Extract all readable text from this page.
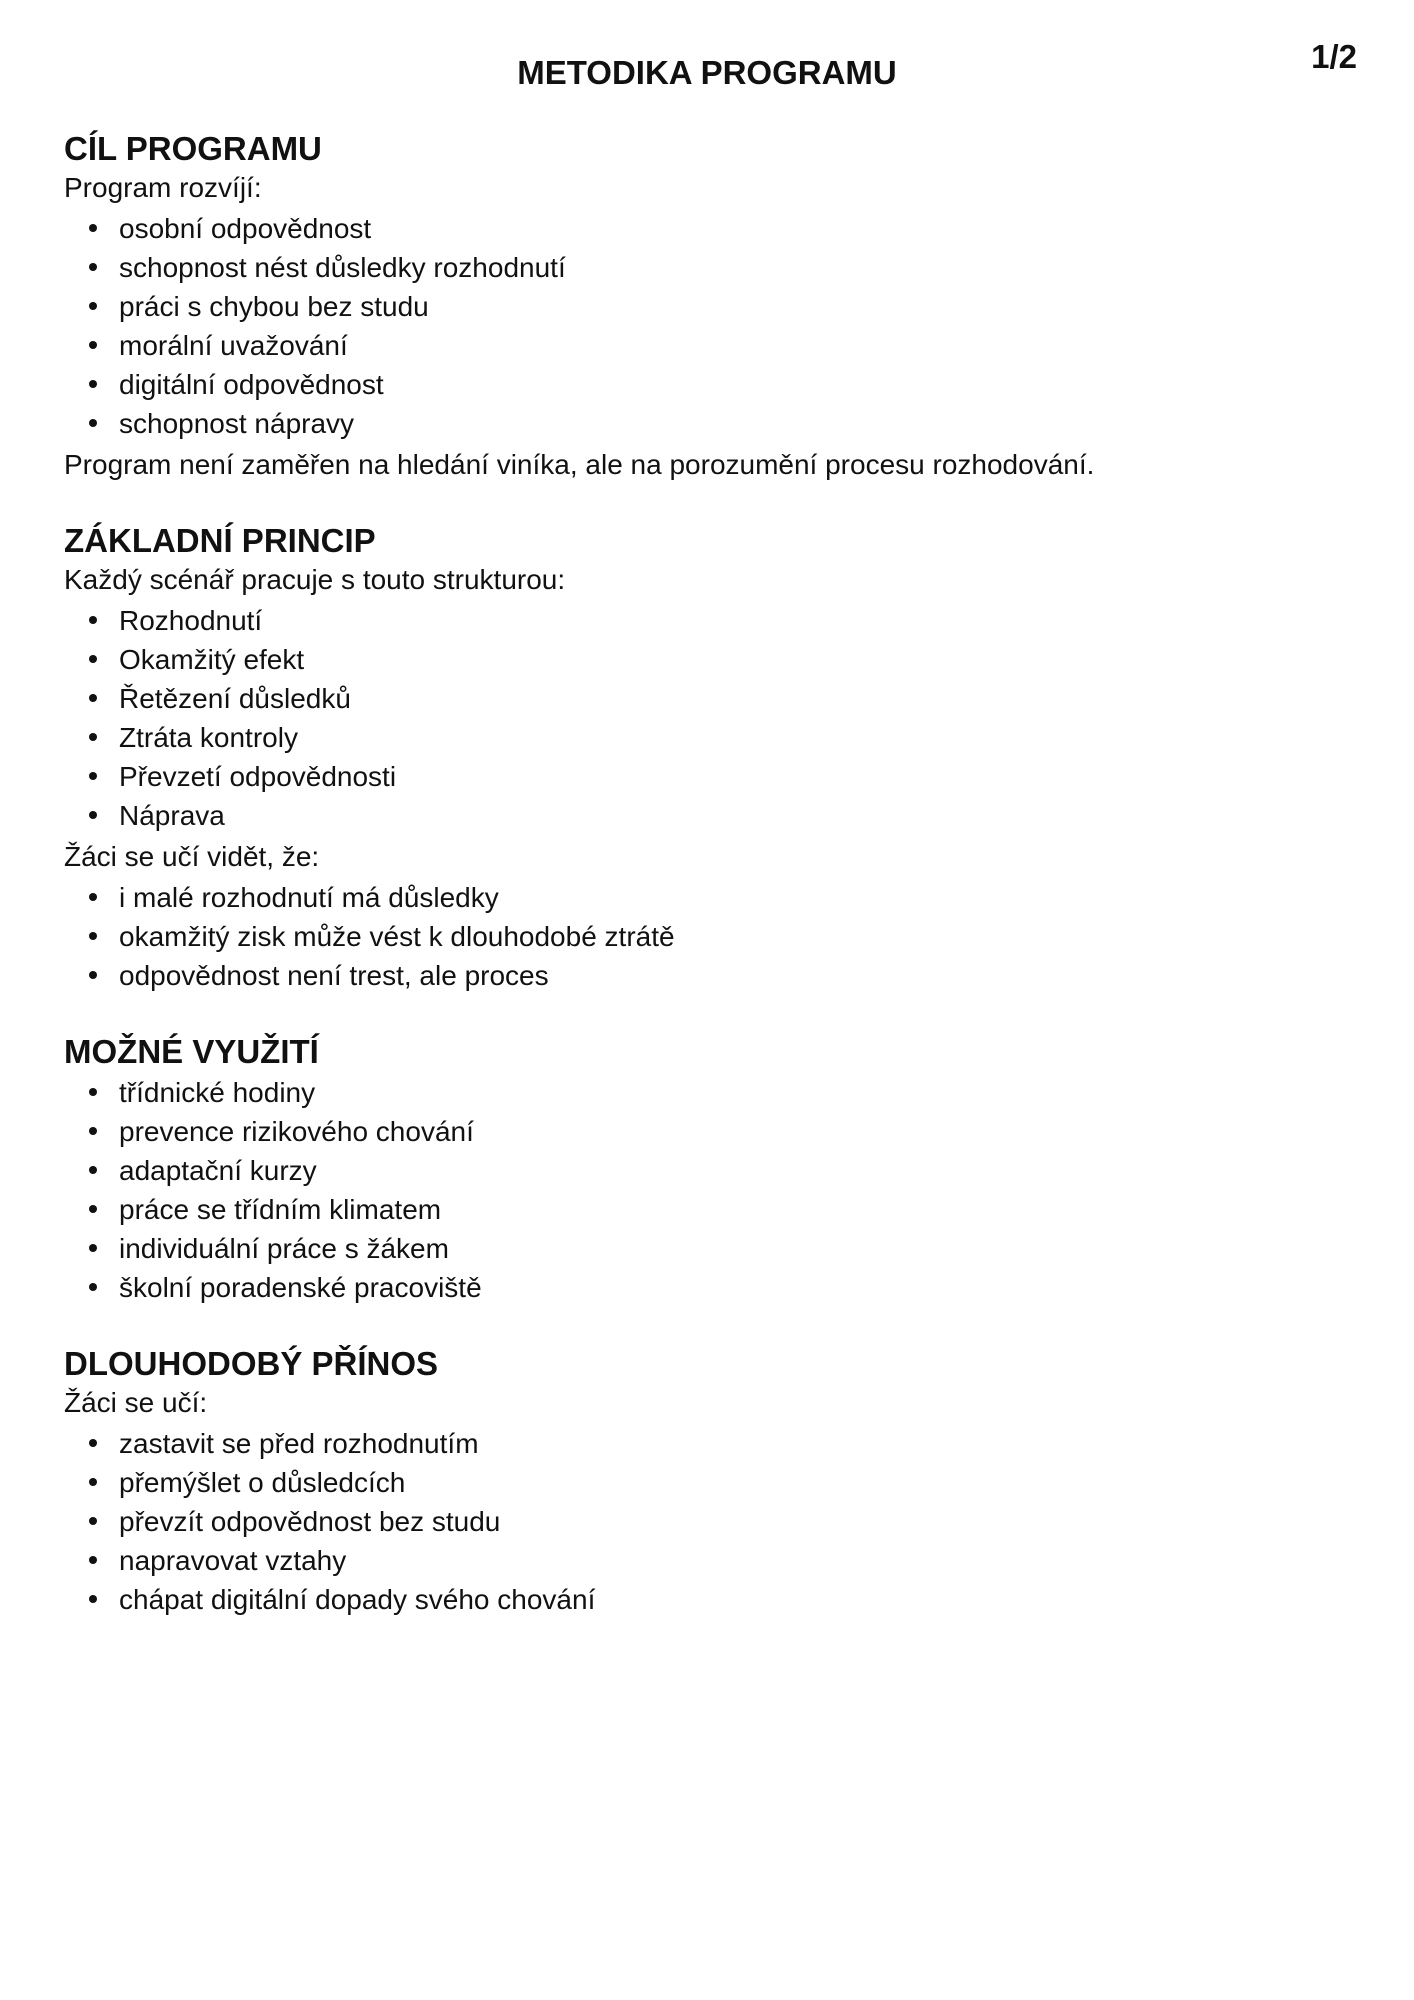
1/2
METODIKA PROGRAMU
CÍL PROGRAMU

Program rozvíjí:

osobní odpovědnost
schopnost nést důsledky rozhodnutí
práci s chybou bez studu
morální uvažování
digitální odpovědnost
schopnost nápravy

Program není zaměřen na hledání viníka, ale na porozumění procesu rozhodování.

ZÁKLADNÍ PRINCIP

Každý scénář pracuje s touto strukturou:

Rozhodnutí
Okamžitý efekt
Řetězení důsledků
Ztráta kontroly
Převzetí odpovědnosti
Náprava

Žáci se učí vidět, že:

i malé rozhodnutí má důsledky
okamžitý zisk může vést k dlouhodobé ztrátě
odpovědnost není trest, ale proces
MOŽNÉ VYUŽITÍ
třídnické hodiny
prevence rizikového chování
adaptační kurzy
práce se třídním klimatem
individuální práce s žákem
školní poradenské pracoviště
DLOUHODOBÝ PŘÍNOS

Žáci se učí:

zastavit se před rozhodnutím
přemýšlet o důsledcích
převzít odpovědnost bez studu
napravovat vztahy
chápat digitální dopady svého chování
